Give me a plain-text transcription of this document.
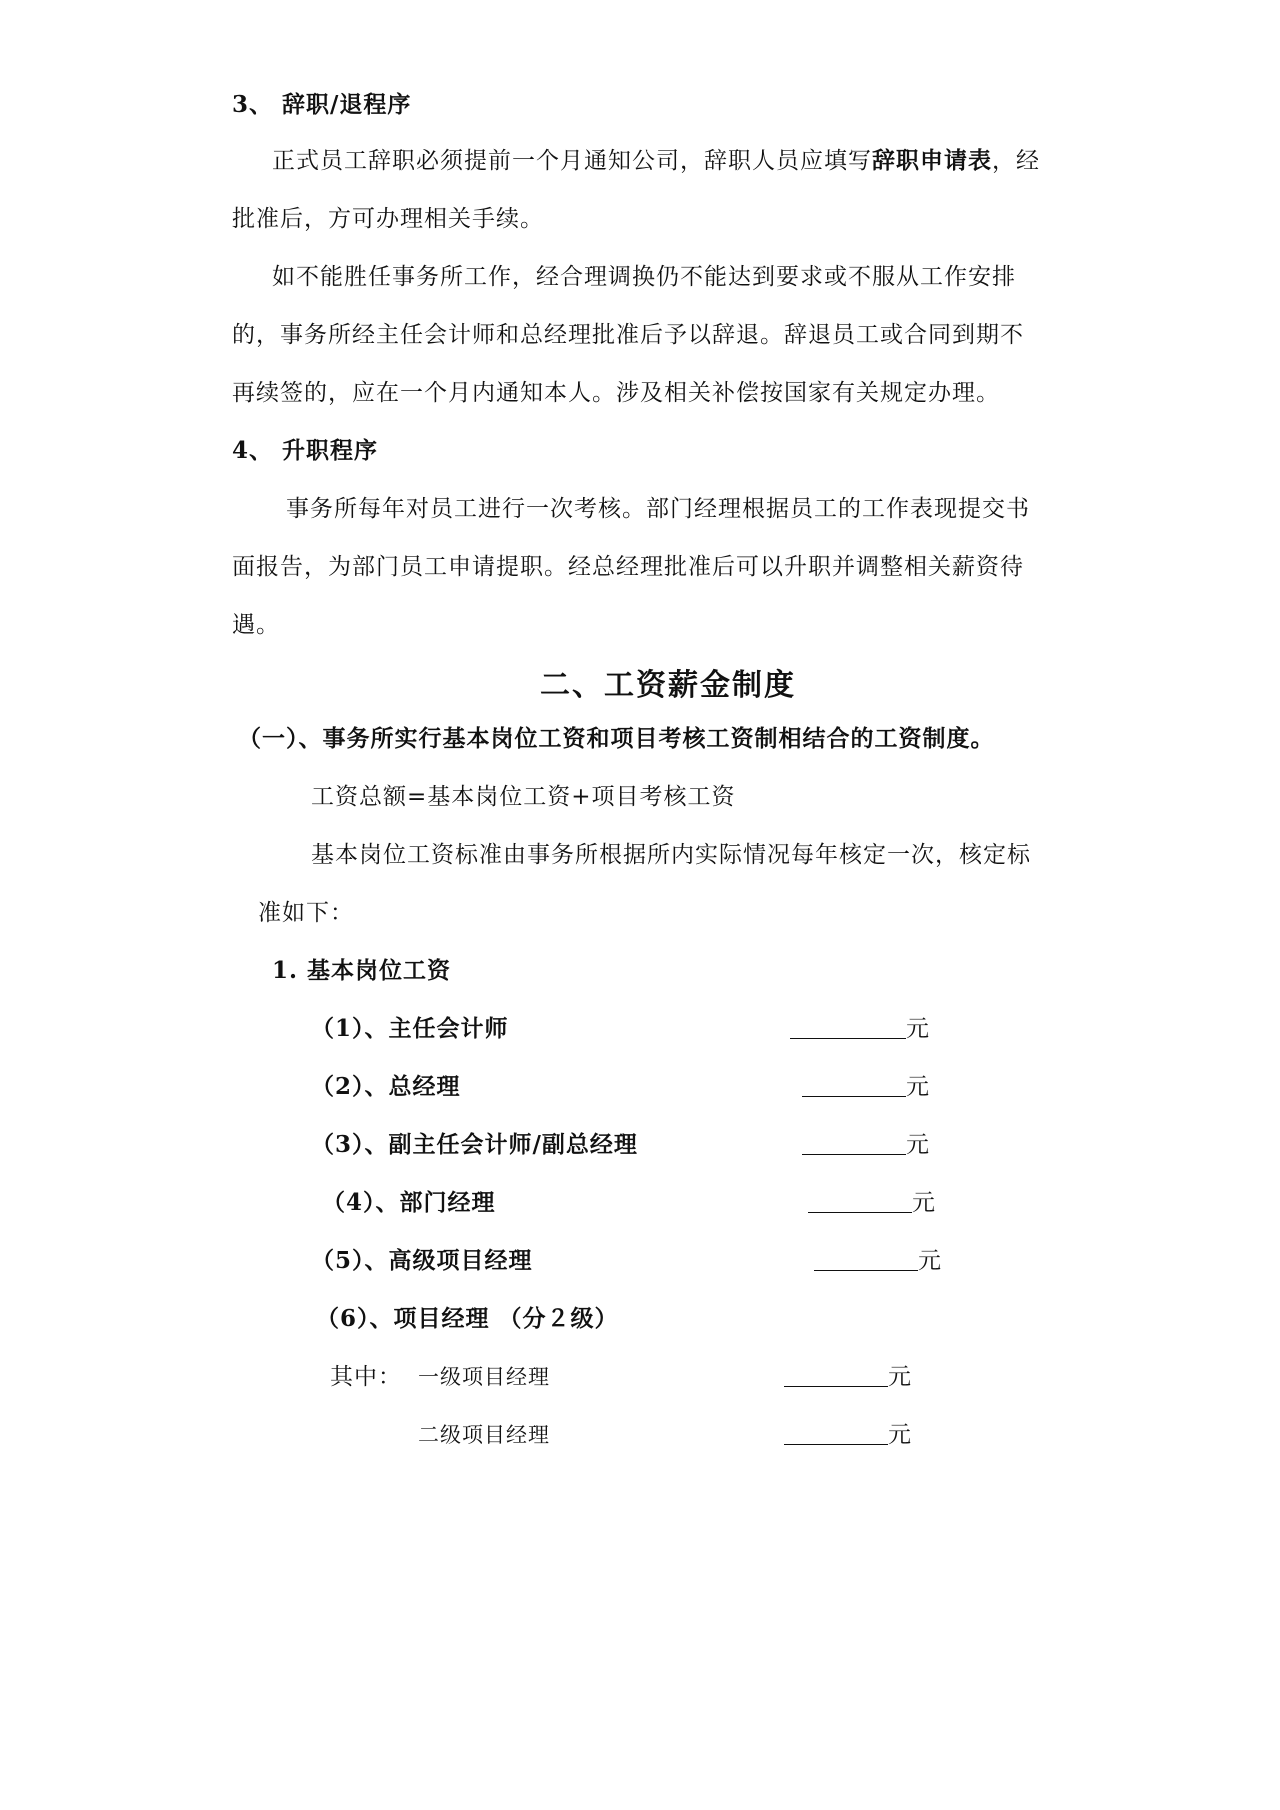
3、 辞职/退程序
正式员工辞职必须提前一个月通知公司，辞职人员应填写辞职申请表，经
批准后，方可办理相关手续。
如不能胜任事务所工作，经合理调换仍不能达到要求或不服从工作安排
的，事务所经主任会计师和总经理批准后予以辞退。辞退员工或合同到期不
再续签的，应在一个月内通知本人。涉及相关补偿按国家有关规定办理。
4、 升职程序
事务所每年对员工进行一次考核。部门经理根据员工的工作表现提交书
面报告，为部门员工申请提职。经总经理批准后可以升职并调整相关薪资待
遇。
二、工资薪金制度
（一）、事务所实行基本岗位工资和项目考核工资制相结合的工资制度。
工资总额=基本岗位工资+项目考核工资
基本岗位工资标准由事务所根据所内实际情况每年核定一次，核定标
准如下：
1. 基本岗位工资
（1）、主任会计师	元
（2）、总经理	元
（3）、副主任会计师/副总经理	元
（4）、部门经理	元
（5）、高级项目经理	元
（6）、项目经理 （分２级）
其中： 一级项目经理	元
二级项目经理	元
